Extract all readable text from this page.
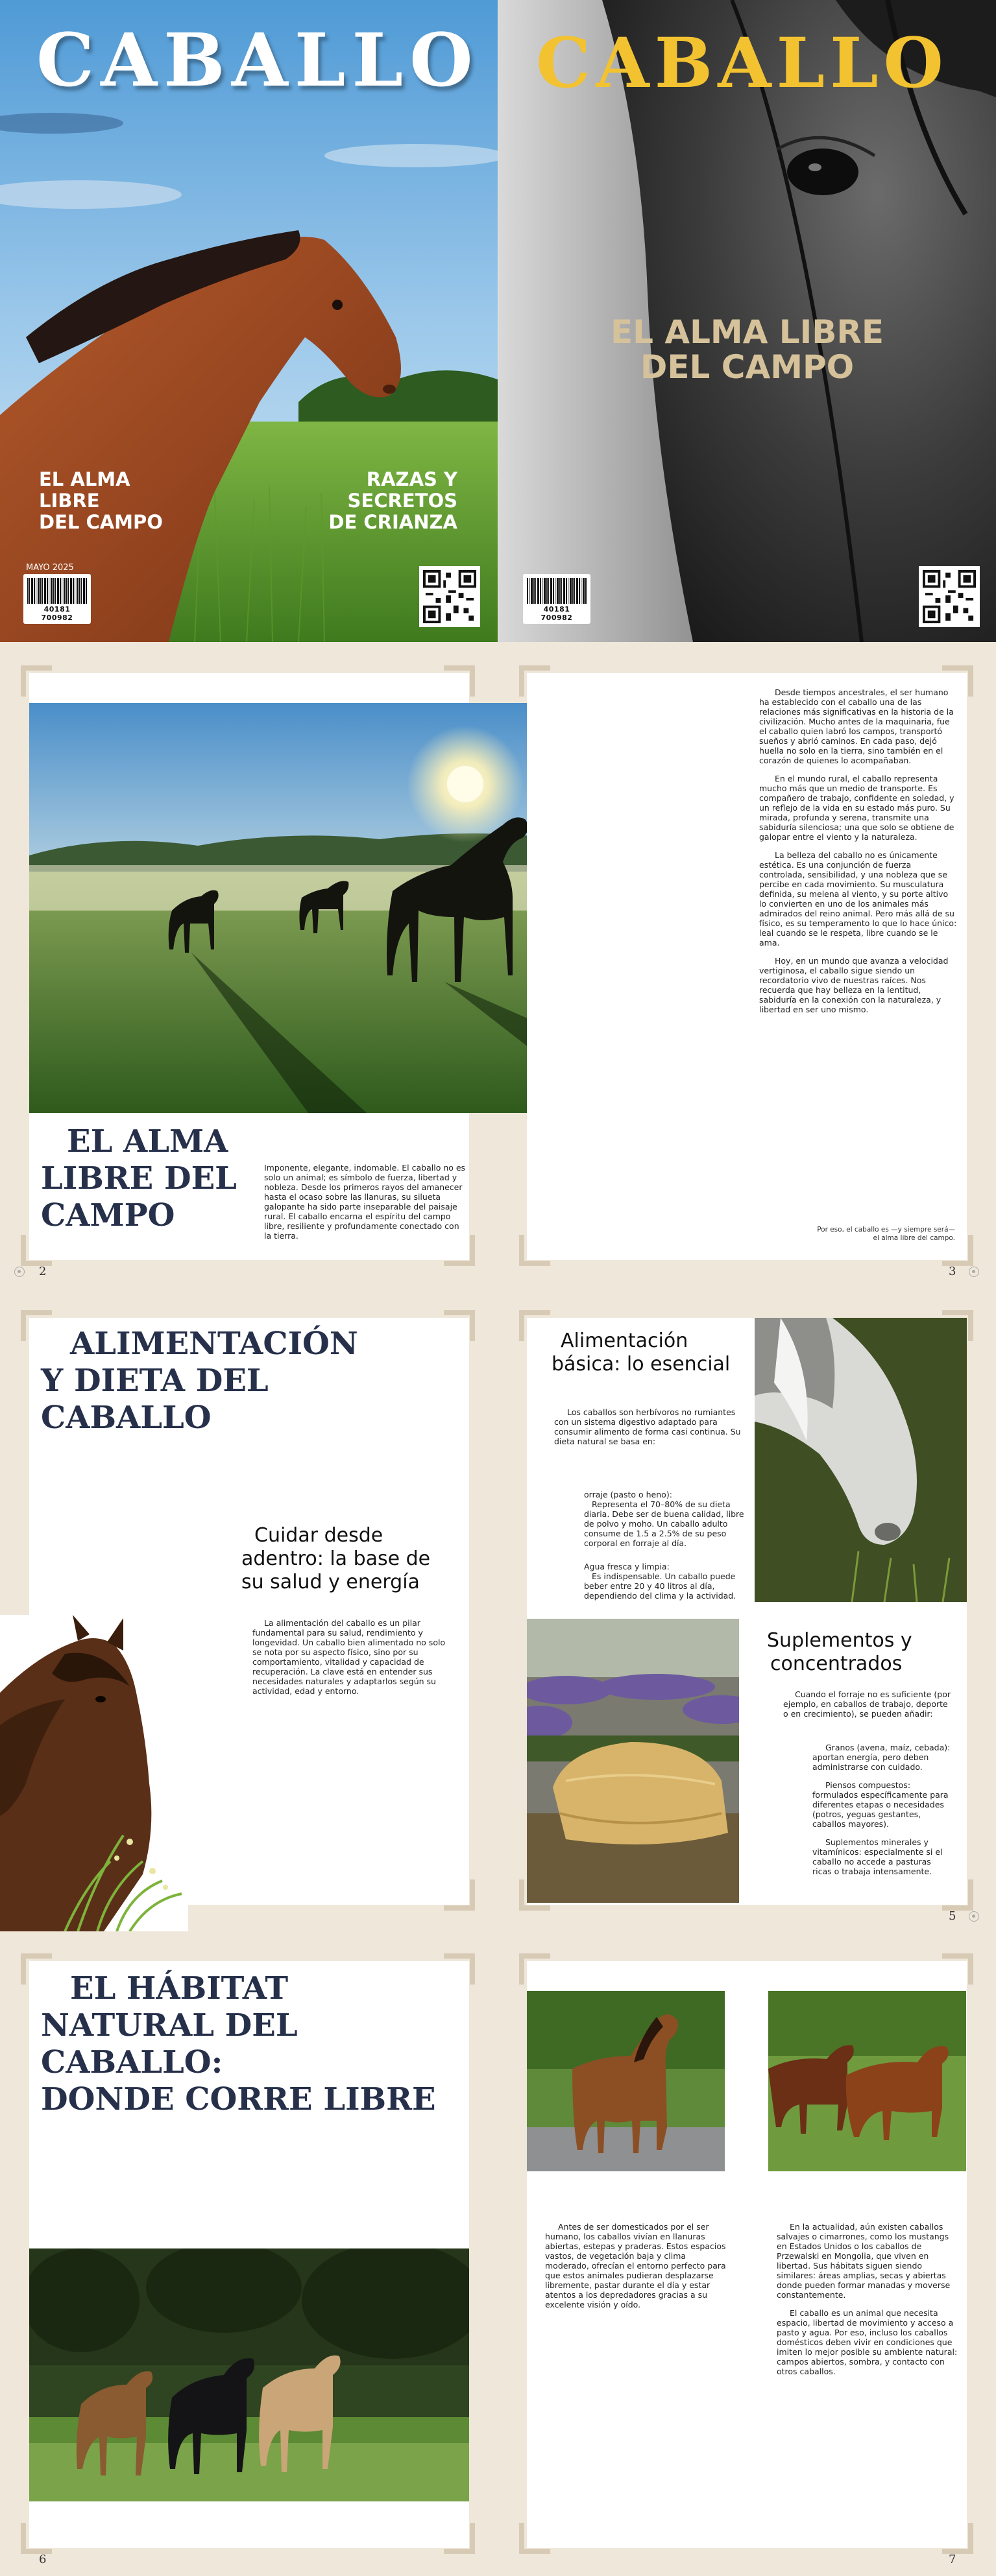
CABALLO
EL ALMA
LIBRE
DEL CAMPO
RAZAS Y
SECRETOS
DE CRIANZA
MAYO 2025
40181 700982
CABALLO
EL ALMA LIBRE
DEL CAMPO
40181 700982
EL ALMA
LIBRE DEL
CAMPO
Imponente, elegante, indomable. El caballo no es solo un animal; es símbolo de fuerza, libertad y nobleza. Desde los primeros rayos del amanecer hasta el ocaso sobre las llanuras, su silueta galopante ha sido parte inseparable del paisaje rural. El caballo encarna el espíritu del campo libre, resiliente y profundamente conectado con la tierra.
2

Desde tiempos ancestrales, el ser humano ha establecido con el caballo una de las relaciones más significativas en la historia de la civilización. Mucho antes de la maquinaria, fue el caballo quien labró los campos, transportó sueños y abrió caminos. En cada paso, dejó huella no solo en la tierra, sino también en el corazón de quienes lo acompañaban.

En el mundo rural, el caballo representa mucho más que un medio de transporte. Es compañero de trabajo, confidente en soledad, y un reflejo de la vida en su estado más puro. Su mirada, profunda y serena, transmite una sabiduría silenciosa; una que solo se obtiene de galopar entre el viento y la naturaleza.

La belleza del caballo no es únicamente estética. Es una conjunción de fuerza controlada, sensibilidad, y una nobleza que se percibe en cada movimiento. Su musculatura definida, su melena al viento, y su porte altivo lo convierten en uno de los animales más admirados del reino animal. Pero más allá de su físico, es su temperamento lo que lo hace único: leal cuando se le respeta, libre cuando se le ama.

Hoy, en un mundo que avanza a velocidad vertiginosa, el caballo sigue siendo un recordatorio vivo de nuestras raíces. Nos recuerda que hay belleza en la lentitud, sabiduría en la conexión con la naturaleza, y libertad en ser uno mismo.

Por eso, el caballo es —y siempre será—
el alma libre del campo.
3
ALIMENTACIÓN
Y DIETA DEL
CABALLO
Cuidar desde
adentro: la base de
su salud y energía
La alimentación del caballo es un pilar fundamental para su salud, rendimiento y longevidad. Un caballo bien alimentado no solo se nota por su aspecto físico, sino por su comportamiento, vitalidad y capacidad de recuperación. La clave está en entender sus necesidades naturales y adaptarlos según su actividad, edad y entorno.
Alimentación
básica: lo esencial
Los caballos son herbívoros no rumiantes con un sistema digestivo adaptado para consumir alimento de forma casi continua. Su dieta natural se basa en:
orraje (pasto o heno):
Representa el 70–80% de su dieta diaria. Debe ser de buena calidad, libre de polvo y moho. Un caballo adulto consume de 1.5 a 2.5% de su peso corporal en forraje al día.
Agua fresca y limpia:
Es indispensable. Un caballo puede beber entre 20 y 40 litros al día, dependiendo del clima y la actividad.
Suplementos y
concentrados
Cuando el forraje no es suficiente (por ejemplo, en caballos de trabajo, deporte o en crecimiento), se pueden añadir:

Granos (avena, maíz, cebada): aportan energía, pero deben administrarse con cuidado.

Piensos compuestos: formulados específicamente para diferentes etapas o necesidades (potros, yeguas gestantes, caballos mayores).

Suplementos minerales y vitamínicos: especialmente si el caballo no accede a pasturas ricas o trabaja intensamente.

5
EL HÁBITAT
NATURAL DEL
CABALLO:
DONDE CORRE LIBRE
6
Antes de ser domesticados por el ser humano, los caballos vivían en llanuras abiertas, estepas y praderas. Estos espacios vastos, de vegetación baja y clima moderado, ofrecían el entorno perfecto para que estos animales pudieran desplazarse libremente, pastar durante el día y estar atentos a los depredadores gracias a su excelente visión y oído.

En la actualidad, aún existen caballos salvajes o cimarrones, como los mustangs en Estados Unidos o los caballos de Przewalski en Mongolia, que viven en libertad. Sus hábitats siguen siendo similares: áreas amplias, secas y abiertas donde pueden formar manadas y moverse constantemente.

El caballo es un animal que necesita espacio, libertad de movimiento y acceso a pasto y agua. Por eso, incluso los caballos domésticos deben vivir en condiciones que imiten lo mejor posible su ambiente natural: campos abiertos, sombra, y contacto con otros caballos.

7
